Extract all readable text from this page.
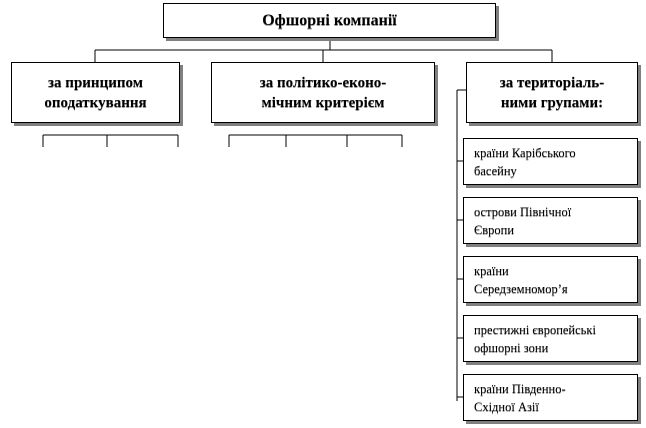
Офшорні компанії
за принципом
оподаткування
за політико-еконо-
мічним критерієм
за територіаль-
ними групами:
країни Карібського
басейну
острови Північної
Європи
країни
Середземномор’я
престижні європейські
офшорні зони
країни Південно-
Східної Азії
